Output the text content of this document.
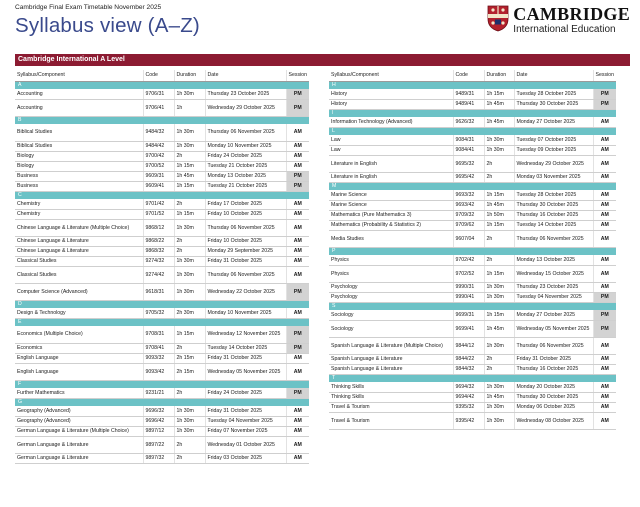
Cambridge Final Exam Timetable November 2025
Syllabus view (A–Z)	CAMBRIDGE
International Education
Cambridge International A Level
Syllabus/Component	Code	Duration	Date	Session
A				
Accounting	9706/31	1h 30m	Thursday 23 October 2025	PM
Accounting	9706/41	1h	Wednesday 29 October 2025	PM
B				
Biblical Studies	9484/32	1h 30m	Thursday 06 November 2025	AM
Biblical Studies	9484/42	1h 30m	Monday 10 November 2025	AM
Biology	9700/42	2h	Friday 24 October 2025	AM
Biology	9700/52	1h 15m	Tuesday 21 October 2025	AM
Business	9609/31	1h 45m	Monday 13 October 2025	PM
Business	9609/41	1h 15m	Tuesday 21 October 2025	PM
C				
Chemistry	9701/42	2h	Friday 17 October 2025	AM
Chemistry	9701/52	1h 15m	Friday 10 October 2025	AM
Chinese Language & Literature (Multiple Choice)	9868/12	1h 30m	Thursday 06 November 2025	AM
Chinese Language & Literature	9868/22	2h	Friday 10 October 2025	AM
Chinese Language & Literature	9868/32	2h	Monday 29 September 2025	AM
Classical Studies	9274/32	1h 30m	Friday 31 October 2025	AM
Classical Studies	9274/42	1h 30m	Thursday 06 November 2025	AM
Computer Science (Advanced)	9618/31	1h 30m	Wednesday 22 October 2025	PM
D				
Design & Technology	9705/32	2h 30m	Monday 10 November 2025	AM
E				
Economics (Multiple Choice)	9708/31	1h 15m	Wednesday 12 November 2025	PM
Economics	9708/41	2h	Tuesday 14 October 2025	PM
English Language	9093/32	2h 15m	Friday 31 October 2025	AM
English Language	9093/42	2h 15m	Wednesday 05 November 2025	AM
F				
Further Mathematics	9231/21	2h	Friday 24 October 2025	PM
G				
Geography (Advanced)	9696/32	1h 30m	Friday 31 October 2025	AM
Geography (Advanced)	9696/42	1h 30m	Tuesday 04 November 2025	AM
German Language & Literature (Multiple Choice)	9897/12	1h 30m	Friday 07 November 2025	AM
German Language & Literature	9897/22	2h	Wednesday 01 October 2025	AM
German Language & Literature	9897/32	2h	Friday 03 October 2025	AM
Syllabus/Component	Code	Duration	Date	Session
H				
History	9489/31	1h 15m	Tuesday 28 October 2025	PM
History	9489/41	1h 45m	Thursday 30 October 2025	PM
I				
Information Technology (Advanced)	9626/32	1h 45m	Monday 27 October 2025	AM
L				
Law	9084/31	1h 30m	Tuesday 07 October 2025	AM
Law	9084/41	1h 30m	Tuesday 09 October 2025	AM
Literature in English	9695/32	2h	Wednesday 29 October 2025	AM
Literature in English	9695/42	2h	Monday 03 November 2025	AM
M				
Marine Science	9693/32	1h 15m	Tuesday 28 October 2025	AM
Marine Science	9693/42	1h 45m	Thursday 30 October 2025	AM
Mathematics (Pure Mathematics 3)	9709/32	1h 50m	Thursday 16 October 2025	AM
Mathematics (Probability & Statistics 2)	9709/62	1h 15m	Tuesday 14 October 2025	AM
Media Studies	9607/04	2h	Thursday 06 November 2025	AM
P				
Physics	9702/42	2h	Monday 13 October 2025	AM
Physics	9702/52	1h 15m	Wednesday 15 October 2025	AM
Psychology	9990/31	1h 30m	Thursday 23 October 2025	AM
Psychology	9990/41	1h 30m	Tuesday 04 November 2025	PM
S				
Sociology	9699/31	1h 15m	Monday 27 October 2025	PM
Sociology	9699/41	1h 45m	Wednesday 05 November 2025	PM
Spanish Language & Literature (Multiple Choice)	9844/12	1h 30m	Thursday 06 November 2025	AM
Spanish Language & Literature	9844/22	2h	Friday 31 October 2025	AM
Spanish Language & Literature	9844/32	2h	Thursday 16 October 2025	AM
T				
Thinking Skills	9694/32	1h 30m	Monday 20 October 2025	AM
Thinking Skills	9694/42	1h 45m	Thursday 30 October 2025	AM
Travel & Tourism	9395/32	1h 30m	Monday 06 October 2025	AM
Travel & Tourism	9395/42	1h 30m	Wednesday 08 October 2025	AM
